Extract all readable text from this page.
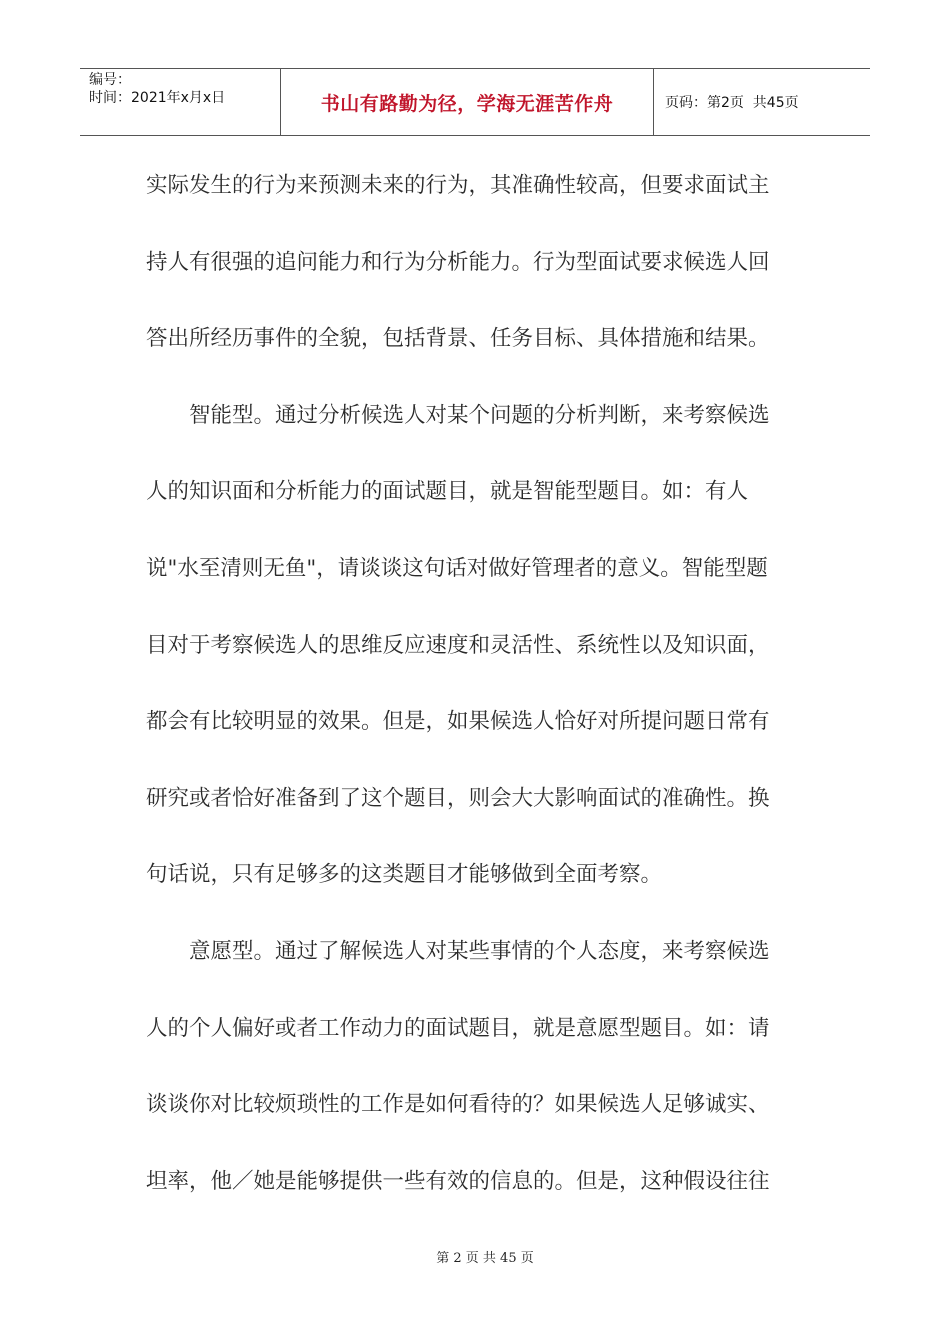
编号：
时间：2021年x月x日	书山有路勤为径，学海无涯苦作舟	页码：第2页  共45页

实际发生的行为来预测未来的行为，其准确性较高，但要求面试主
持人有很强的追问能力和行为分析能力。行为型面试要求候选人回
答出所经历事件的全貌，包括背景、任务目标、具体措施和结果。

智能型。通过分析候选人对某个问题的分析判断，来考察候选
人的知识面和分析能力的面试题目，就是智能型题目。如：有人
说"水至清则无鱼"，请谈谈这句话对做好管理者的意义。智能型题
目对于考察候选人的思维反应速度和灵活性、系统性以及知识面，
都会有比较明显的效果。但是，如果候选人恰好对所提问题日常有
研究或者恰好准备到了这个题目，则会大大影响面试的准确性。换
句话说，只有足够多的这类题目才能够做到全面考察。

意愿型。通过了解候选人对某些事情的个人态度，来考察候选
人的个人偏好或者工作动力的面试题目，就是意愿型题目。如：请
谈谈你对比较烦琐性的工作是如何看待的？如果候选人足够诚实、
坦率，他／她是能够提供一些有效的信息的。但是，这种假设往往

第 2 页 共 45 页
